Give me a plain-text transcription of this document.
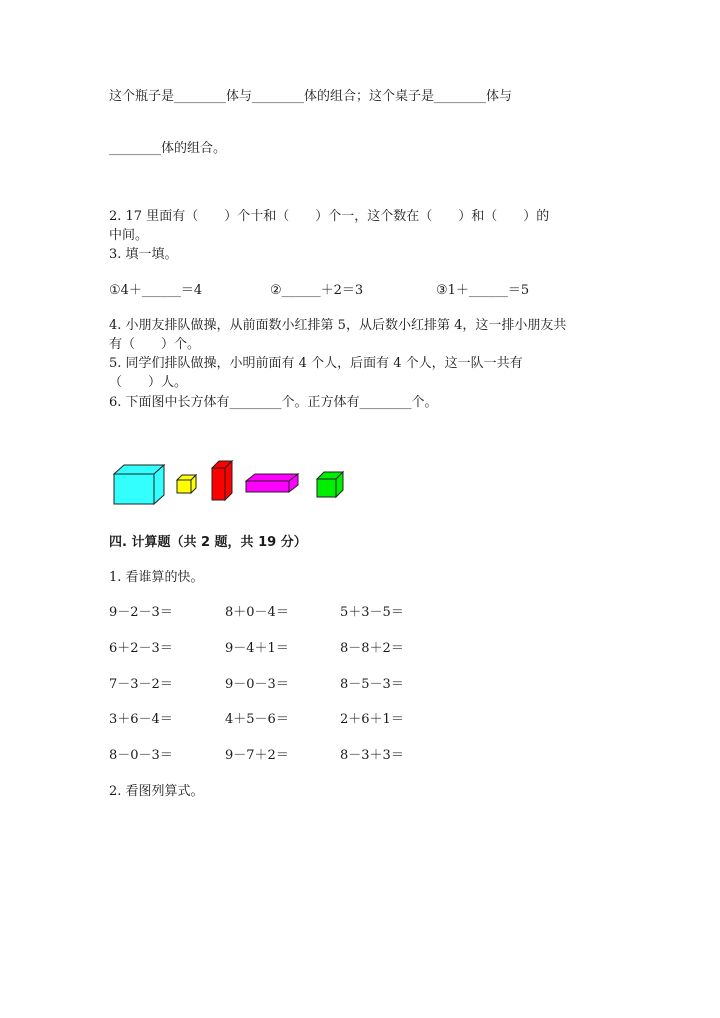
这个瓶子是________体与________体的组合；这个桌子是________体与
________体的组合。
2. 17 里面有（　　）个十和（　　）个一，这个数在（　　）和（　　）的
中间。
3. 填一填。
①4＋______＝4	②______＋2＝3	③1＋______＝5
4. 小朋友排队做操，从前面数小红排第 5，从后数小红排第 4，这一排小朋友共
有（　　）个。
5. 同学们排队做操，小明前面有 4 个人，后面有 4 个人，这一队一共有
（　　）人。
6. 下面图中长方体有________个。正方体有________个。
四. 计算题（共 2 题，共 19 分）
1. 看谁算的快。
9－2－3＝	8＋0－4＝	5＋3－5＝
6＋2－3＝	9－4＋1＝	8－8＋2＝
7－3－2＝	9－0－3＝	8－5－3＝
3＋6－4＝	4＋5－6＝	2＋6＋1＝
8－0－3＝	9－7＋2＝	8－3＋3＝
2. 看图列算式。
